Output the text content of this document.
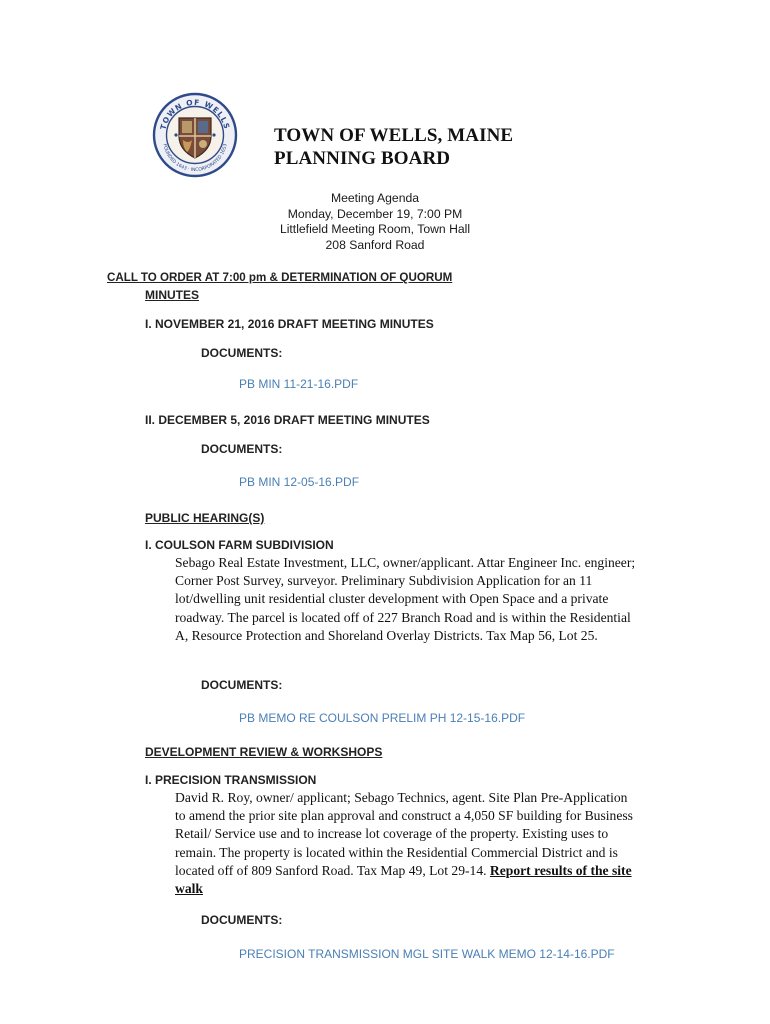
TOWN OF WELLS
FOUNDED 1643 · INCORPORATED 1653 TOWN OF WELLS, MAINE
PLANNING BOARD
Meeting Agenda
Monday, December 19, 7:00 PM
Littlefield Meeting Room, Town Hall
208 Sanford Road
CALL TO ORDER AT 7:00 pm & DETERMINATION OF QUORUM
MINUTES
I. NOVEMBER 21, 2016 DRAFT MEETING MINUTES
DOCUMENTS:
PB MIN 11-21-16.PDF
II. DECEMBER 5, 2016 DRAFT MEETING MINUTES
DOCUMENTS:
PB MIN 12-05-16.PDF
PUBLIC HEARING(S)
I. COULSON FARM SUBDIVISION
Sebago Real Estate Investment, LLC, owner/applicant. Attar Engineer Inc. engineer; Corner Post Survey, surveyor. Preliminary Subdivision Application for an 11 lot/dwelling unit residential cluster development with Open Space and a private roadway. The parcel is located off of 227 Branch Road and is within the Residential A, Resource Protection and Shoreland Overlay Districts. Tax Map 56, Lot 25.
DOCUMENTS:
PB MEMO RE COULSON PRELIM PH 12-15-16.PDF
DEVELOPMENT REVIEW & WORKSHOPS
I. PRECISION TRANSMISSION
David R. Roy, owner/ applicant; Sebago Technics, agent. Site Plan Pre-Application to amend the prior site plan approval and construct a 4,050 SF building for Business Retail/ Service use and to increase lot coverage of the property. Existing uses to remain. The property is located within the Residential Commercial District and is located off of 809 Sanford Road. Tax Map 49, Lot 29-14. Report results of the site walk
DOCUMENTS:
PRECISION TRANSMISSION MGL SITE WALK MEMO 12-14-16.PDF
